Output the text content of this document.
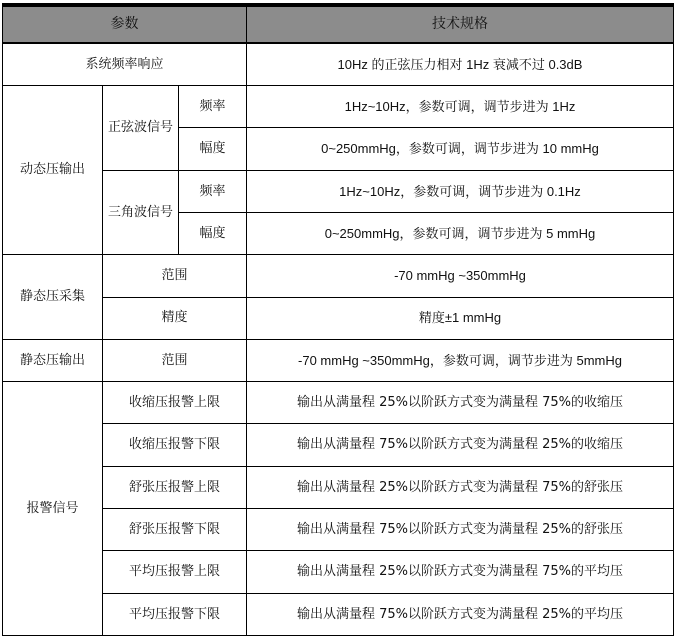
参数			技术规格
系统频率响应			10Hz 的正弦压力相对 1Hz 衰减不过 0.3dB
动态压输出	正弦波信号	频率	1Hz~10Hz，参数可调，调节步进为 1Hz
		幅度	0~250mmHg，参数可调，调节步进为 10 mmHg
	三角波信号	频率	1Hz~10Hz，参数可调，调节步进为 0.1Hz
		幅度	0~250mmHg，参数可调，调节步进为 5 mmHg
静态压采集	范围		-70 mmHg ~350mmHg
	精度		精度±1 mmHg
静态压输出	范围		-70 mmHg ~350mmHg，参数可调，调节步进为 5mmHg
报警信号	收缩压报警上限		输出从满量程 25%以阶跃方式变为满量程 75%的收缩压
	收缩压报警下限		输出从满量程 75%以阶跃方式变为满量程 25%的收缩压
	舒张压报警上限		输出从满量程 25%以阶跃方式变为满量程 75%的舒张压
	舒张压报警下限		输出从满量程 75%以阶跃方式变为满量程 25%的舒张压
	平均压报警上限		输出从满量程 25%以阶跃方式变为满量程 75%的平均压
	平均压报警下限		输出从满量程 75%以阶跃方式变为满量程 25%的平均压
